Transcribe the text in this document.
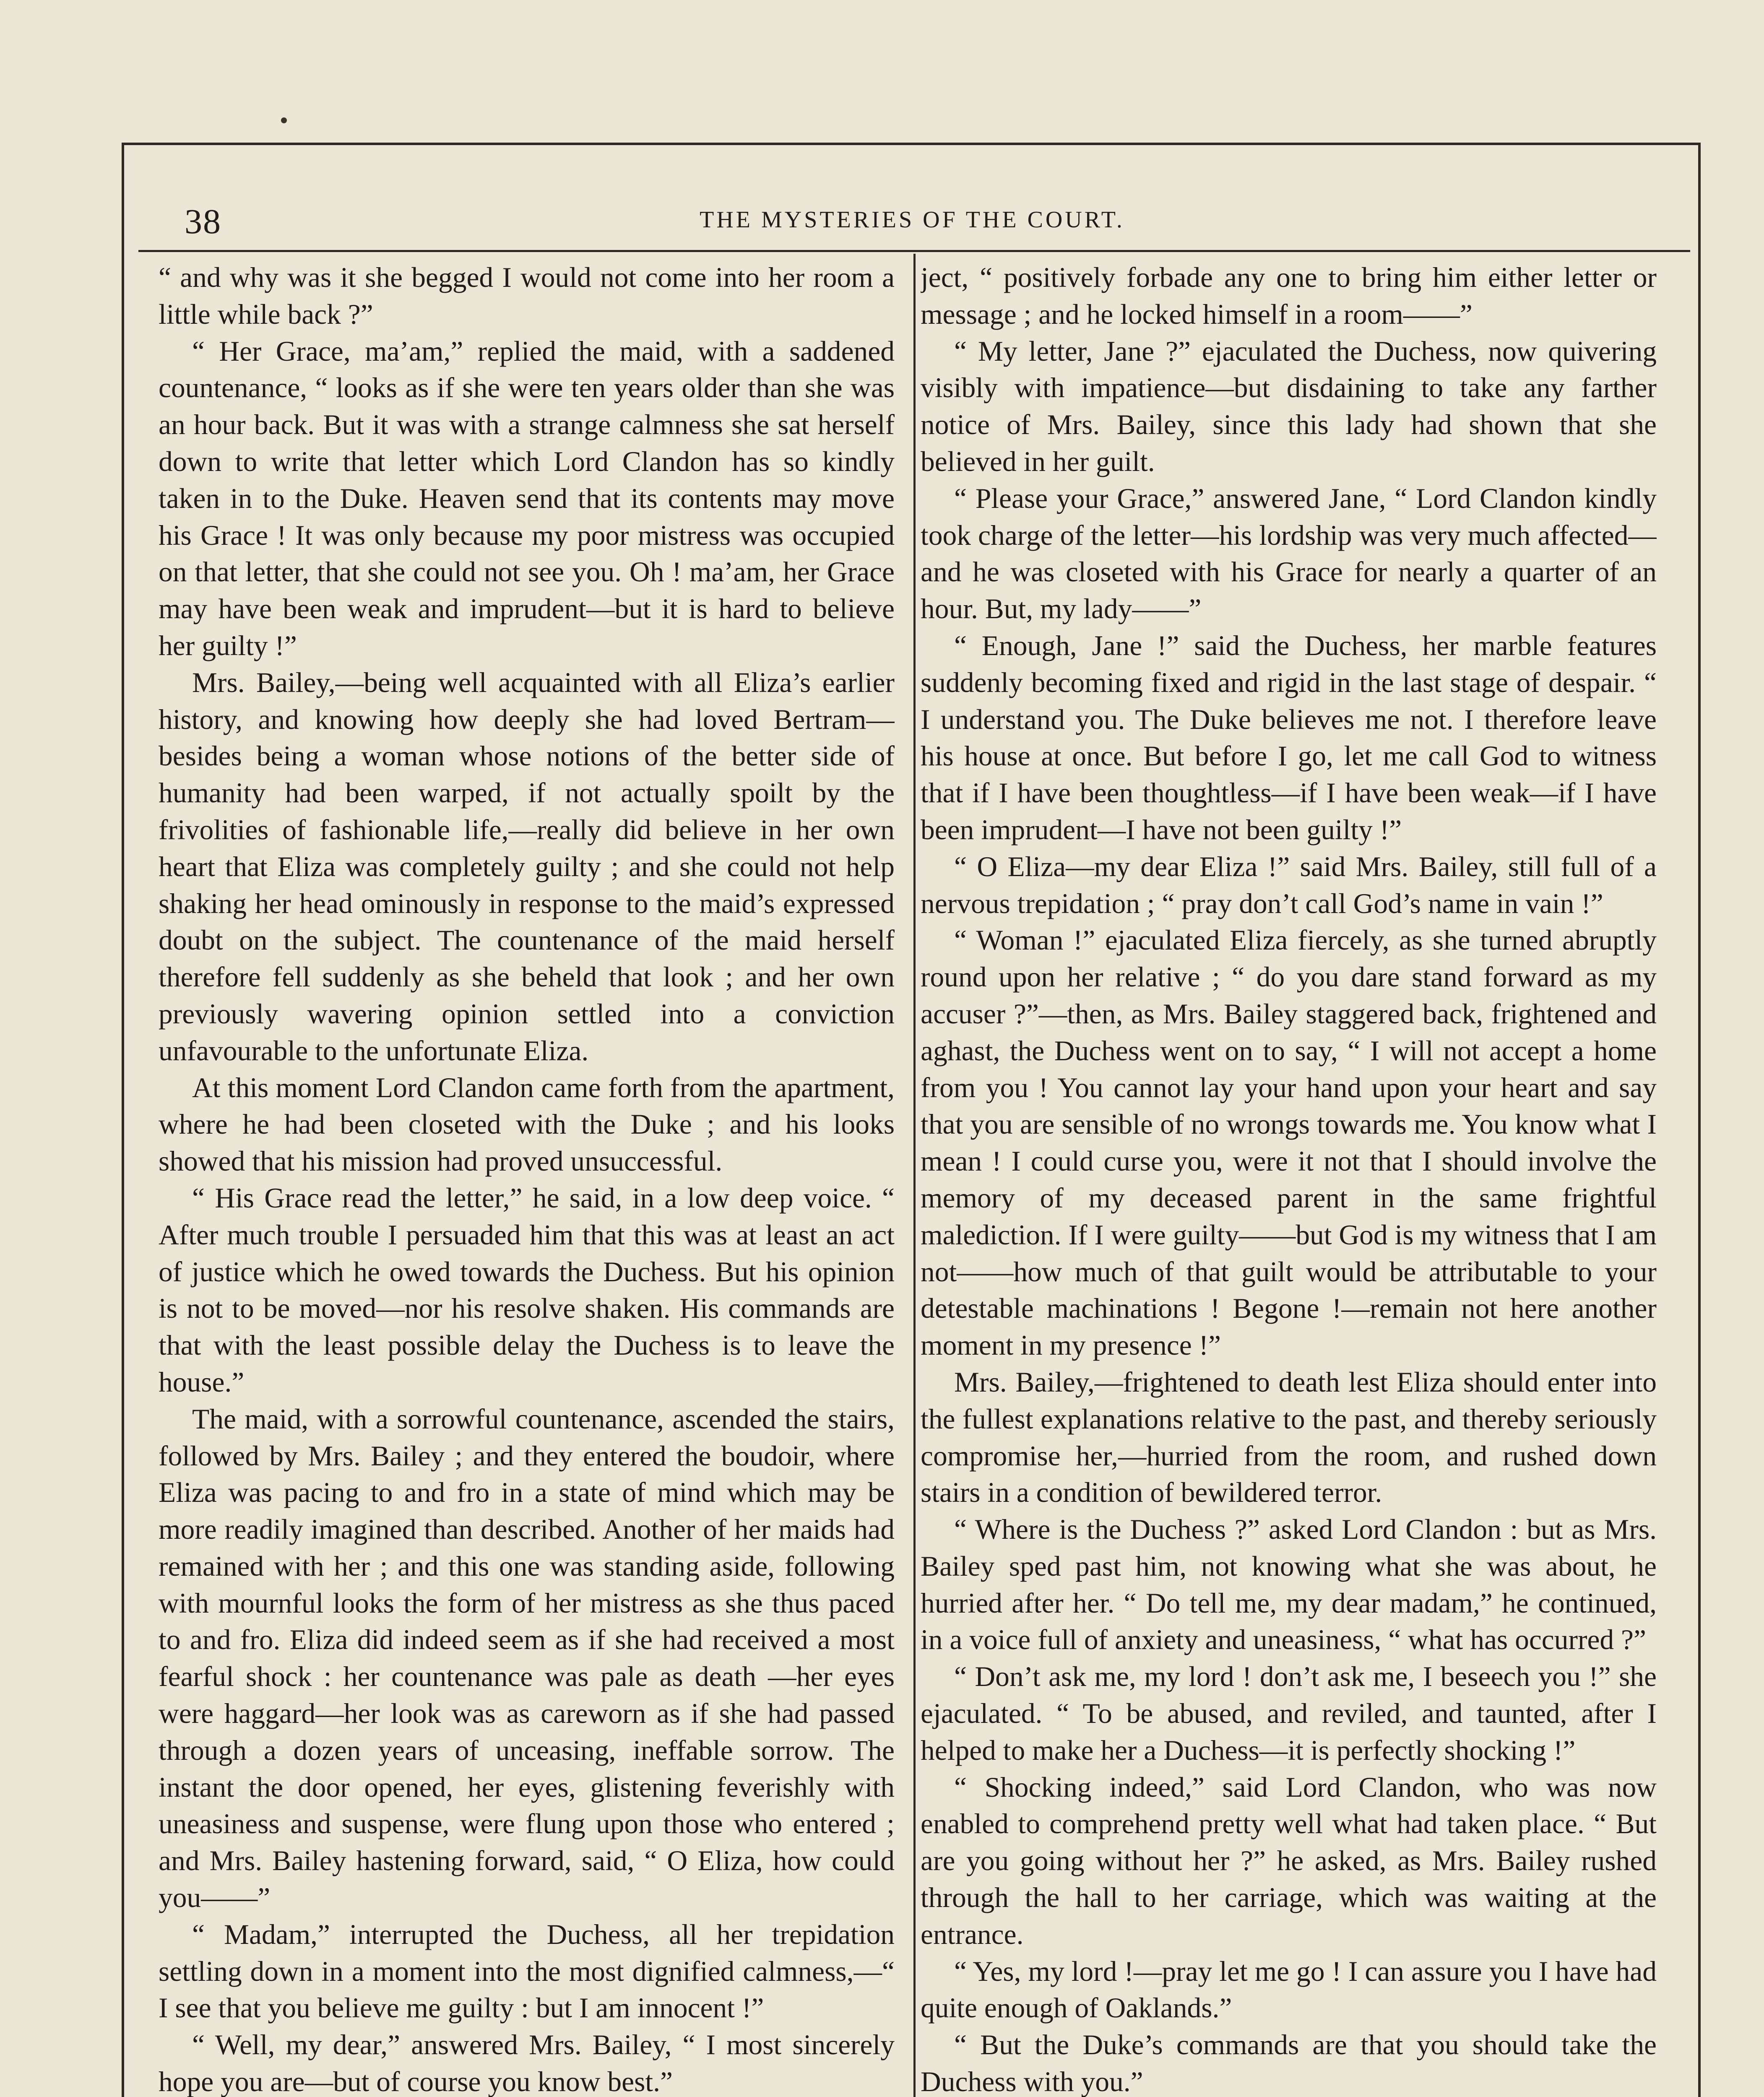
38	THE MYSTERIES OF THE COURT.

“ and why was it she begged I would not come into her room a little while back ?”

“ Her Grace, ma’am,” replied the maid, with a saddened countenance, “ looks as if she were ten years older than she was an hour back. But it was with a strange calmness she sat herself down to write that letter which Lord Clandon has so kindly taken in to the Duke. Heaven send that its contents may move his Grace ! It was only because my poor mistress was occupied on that letter, that she could not see you. Oh ! ma’am, her Grace may have been weak and imprudent—but it is hard to believe her guilty !”

Mrs. Bailey,—being well acquainted with all Eliza’s earlier history, and knowing how deeply she had loved Bertram—besides being a woman whose notions of the better side of humanity had been warped, if not actually spoilt by the frivolities of fashionable life,—really did believe in her own heart that Eliza was completely guilty ; and she could not help shaking her head ominously in response to the maid’s expressed doubt on the subject. The countenance of the maid herself therefore fell suddenly as she beheld that look ; and her own previously wavering opinion settled into a conviction unfavourable to the unfortunate Eliza.

At this moment Lord Clandon came forth from the apartment, where he had been closeted with the Duke ; and his looks showed that his mission had proved unsuccessful.

“ His Grace read the letter,” he said, in a low deep voice. “ After much trouble I persuaded him that this was at least an act of justice which he owed towards the Duchess. But his opinion is not to be moved—nor his resolve shaken. His commands are that with the least possible delay the Duchess is to leave the house.”

The maid, with a sorrowful countenance, ascended the stairs, followed by Mrs. Bailey ; and they entered the boudoir, where Eliza was pacing to and fro in a state of mind which may be more readily imagined than described. Another of her maids had remained with her ; and this one was standing aside, following with mournful looks the form of her mistress as she thus paced to and fro. Eliza did indeed seem as if she had received a most fearful shock : her countenance was pale as death —her eyes were haggard—her look was as careworn as if she had passed through a dozen years of unceasing, ineffable sorrow. The instant the door opened, her eyes, glistening feverishly with uneasiness and suspense, were flung upon those who entered ; and Mrs. Bailey hastening forward, said, “ O Eliza, how could you——”

“ Madam,” interrupted the Duchess, all her trepidation settling down in a moment into the most dignified calmness,—“ I see that you believe me guilty : but I am innocent !”

“ Well, my dear,” answered Mrs. Bailey, “ I most sincerely hope you are—but of course you know best.”

ject, “ positively forbade any one to bring him either letter or message ; and he locked himself in a room——”

“ My letter, Jane ?” ejaculated the Duchess, now quivering visibly with impatience—but disdaining to take any farther notice of Mrs. Bailey, since this lady had shown that she believed in her guilt.

“ Please your Grace,” answered Jane, “ Lord Clandon kindly took charge of the letter—his lordship was very much affected—and he was closeted with his Grace for nearly a quarter of an hour. But, my lady——”

“ Enough, Jane !” said the Duchess, her marble features suddenly becoming fixed and rigid in the last stage of despair. “ I understand you. The Duke believes me not. I therefore leave his house at once. But before I go, let me call God to witness that if I have been thoughtless—if I have been weak—if I have been imprudent—I have not been guilty !”

“ O Eliza—my dear Eliza !” said Mrs. Bailey, still full of a nervous trepidation ; “ pray don’t call God’s name in vain !”

“ Woman !” ejaculated Eliza fiercely, as she turned abruptly round upon her relative ; “ do you dare stand forward as my accuser ?”—then, as Mrs. Bailey staggered back, frightened and aghast, the Duchess went on to say, “ I will not accept a home from you ! You cannot lay your hand upon your heart and say that you are sensible of no wrongs towards me. You know what I mean ! I could curse you, were it not that I should involve the memory of my deceased parent in the same frightful malediction. If I were guilty——but God is my witness that I am not——how much of that guilt would be attributable to your detestable machinations ! Begone !—remain not here another moment in my presence !”

Mrs. Bailey,—frightened to death lest Eliza should enter into the fullest explanations relative to the past, and thereby seriously compromise her,—hurried from the room, and rushed down stairs in a condition of bewildered terror.

“ Where is the Duchess ?” asked Lord Clandon : but as Mrs. Bailey sped past him, not knowing what she was about, he hurried after her. “ Do tell me, my dear madam,” he continued, in a voice full of anxiety and uneasiness, “ what has occurred ?”

“ Don’t ask me, my lord ! don’t ask me, I beseech you !” she ejaculated. “ To be abused, and reviled, and taunted, after I helped to make her a Duchess—it is perfectly shocking !”

“ Shocking indeed,” said Lord Clandon, who was now enabled to comprehend pretty well what had taken place. “ But are you going without her ?” he asked, as Mrs. Bailey rushed through the hall to her carriage, which was waiting at the entrance.

“ Yes, my lord !—pray let me go ! I can assure you I have had quite enough of Oaklands.”

“ But the Duke’s commands are that you should take the Duchess with you.”
